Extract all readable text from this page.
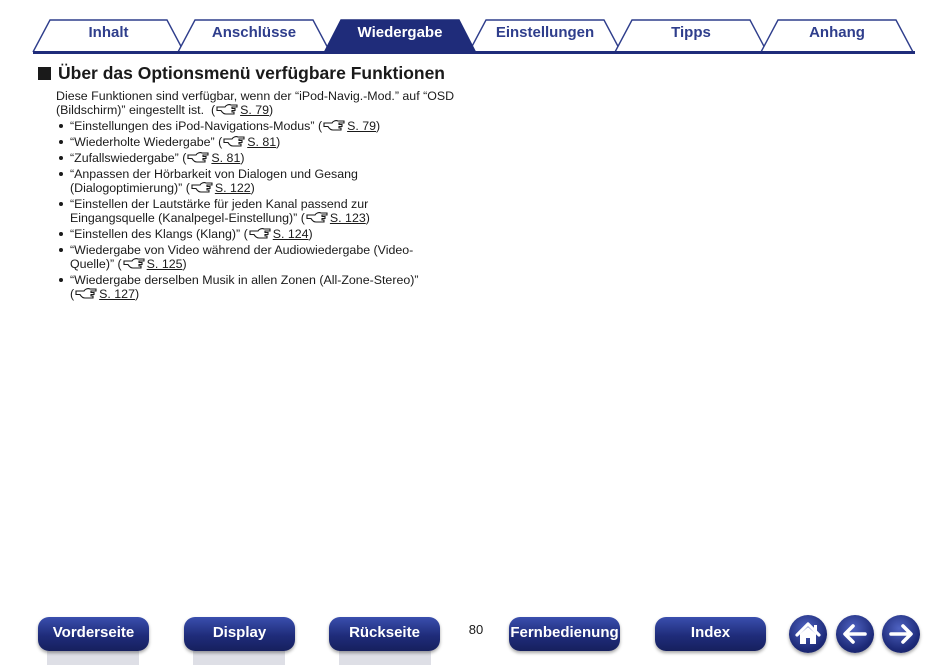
Inhalt	Anschlüsse	Wiedergabe	Einstellungen	Tipps	Anhang
Über das Optionsmenü verfügbare Funktionen

Diese Funktionen sind verfügbar, wenn der “iPod-Navig.-Mod.” auf “OSD (Bildschirm)” eingestellt ist.  ( S. 79)

“Einstellungen des iPod-Navigations-Modus” ( S. 79)
“Wiederholte Wiedergabe” ( S. 81)
“Zufallswiedergabe” ( S. 81)
“Anpassen der Hörbarkeit von Dialogen und Gesang (Dialogoptimierung)” ( S. 122)
“Einstellen der Lautstärke für jeden Kanal passend zur Eingangsquelle (Kanalpegel-Einstellung)” ( S. 123)
“Einstellen des Klangs (Klang)” ( S. 124)
“Wiedergabe von Video während der Audiowiedergabe (Video-Quelle)” ( S. 125)
“Wiedergabe derselben Musik in allen Zonen (All-Zone-Stereo)” ( S. 127)
Vorderseite	Display	Rückseite	80	Fernbedienung	Index
